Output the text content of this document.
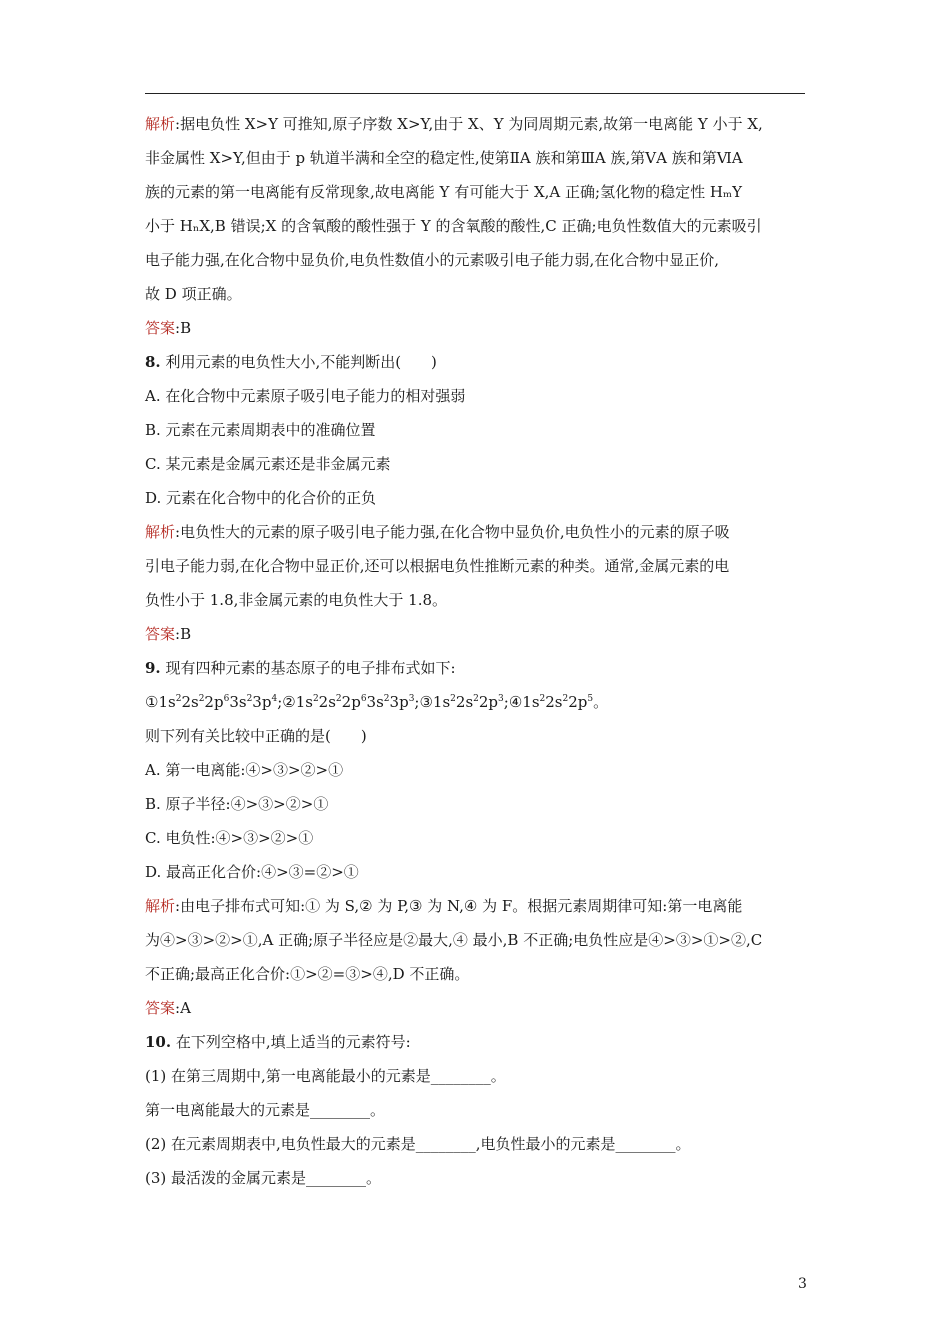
解析:据电负性 X>Y 可推知,原子序数 X>Y,由于 X、Y 为同周期元素,故第一电离能 Y 小于 X,
非金属性 X>Y,但由于 p 轨道半满和全空的稳定性,使第ⅡA 族和第ⅢA 族,第ⅤA 族和第ⅥA
族的元素的第一电离能有反常现象,故电离能 Y 有可能大于 X,A 正确;氢化物的稳定性 HₘY
小于 HₙX,B 错误;X 的含氧酸的酸性强于 Y 的含氧酸的酸性,C 正确;电负性数值大的元素吸引
电子能力强,在化合物中显负价,电负性数值小的元素吸引电子能力弱,在化合物中显正价,
故 D 项正确。
答案:B
8. 利用元素的电负性大小,不能判断出(　　)
A. 在化合物中元素原子吸引电子能力的相对强弱
B. 元素在元素周期表中的准确位置
C. 某元素是金属元素还是非金属元素
D. 元素在化合物中的化合价的正负
解析:电负性大的元素的原子吸引电子能力强,在化合物中显负价,电负性小的元素的原子吸
引电子能力弱,在化合物中显正价,还可以根据电负性推断元素的种类。通常,金属元素的电
负性小于 1.8,非金属元素的电负性大于 1.8。
答案:B
9. 现有四种元素的基态原子的电子排布式如下:
$①1s^22s^22p^63s^23p^4;②1s^22s^22p^63s^23p^3;③1s^22s^22p^3;④1s^22s^22p^5$。
则下列有关比较中正确的是(　　)
A. 第一电离能:④>③>②>①
B. 原子半径:④>③>②>①
C. 电负性:④>③>②>①
D. 最高正化合价:④>③=②>①
解析:由电子排布式可知:① 为 S,② 为 P,③ 为 N,④ 为 F。根据元素周期律可知:第一电离能
为④>③>②>①,A 正确;原子半径应是②最大,④ 最小,B 不正确;电负性应是④>③>①>②,C
不正确;最高正化合价:①>②=③>④,D 不正确。
答案:A
10. 在下列空格中,填上适当的元素符号:
(1) 在第三周期中,第一电离能最小的元素是________。
第一电离能最大的元素是________。
(2) 在元素周期表中,电负性最大的元素是________,电负性最小的元素是________。
(3) 最活泼的金属元素是________。
3
